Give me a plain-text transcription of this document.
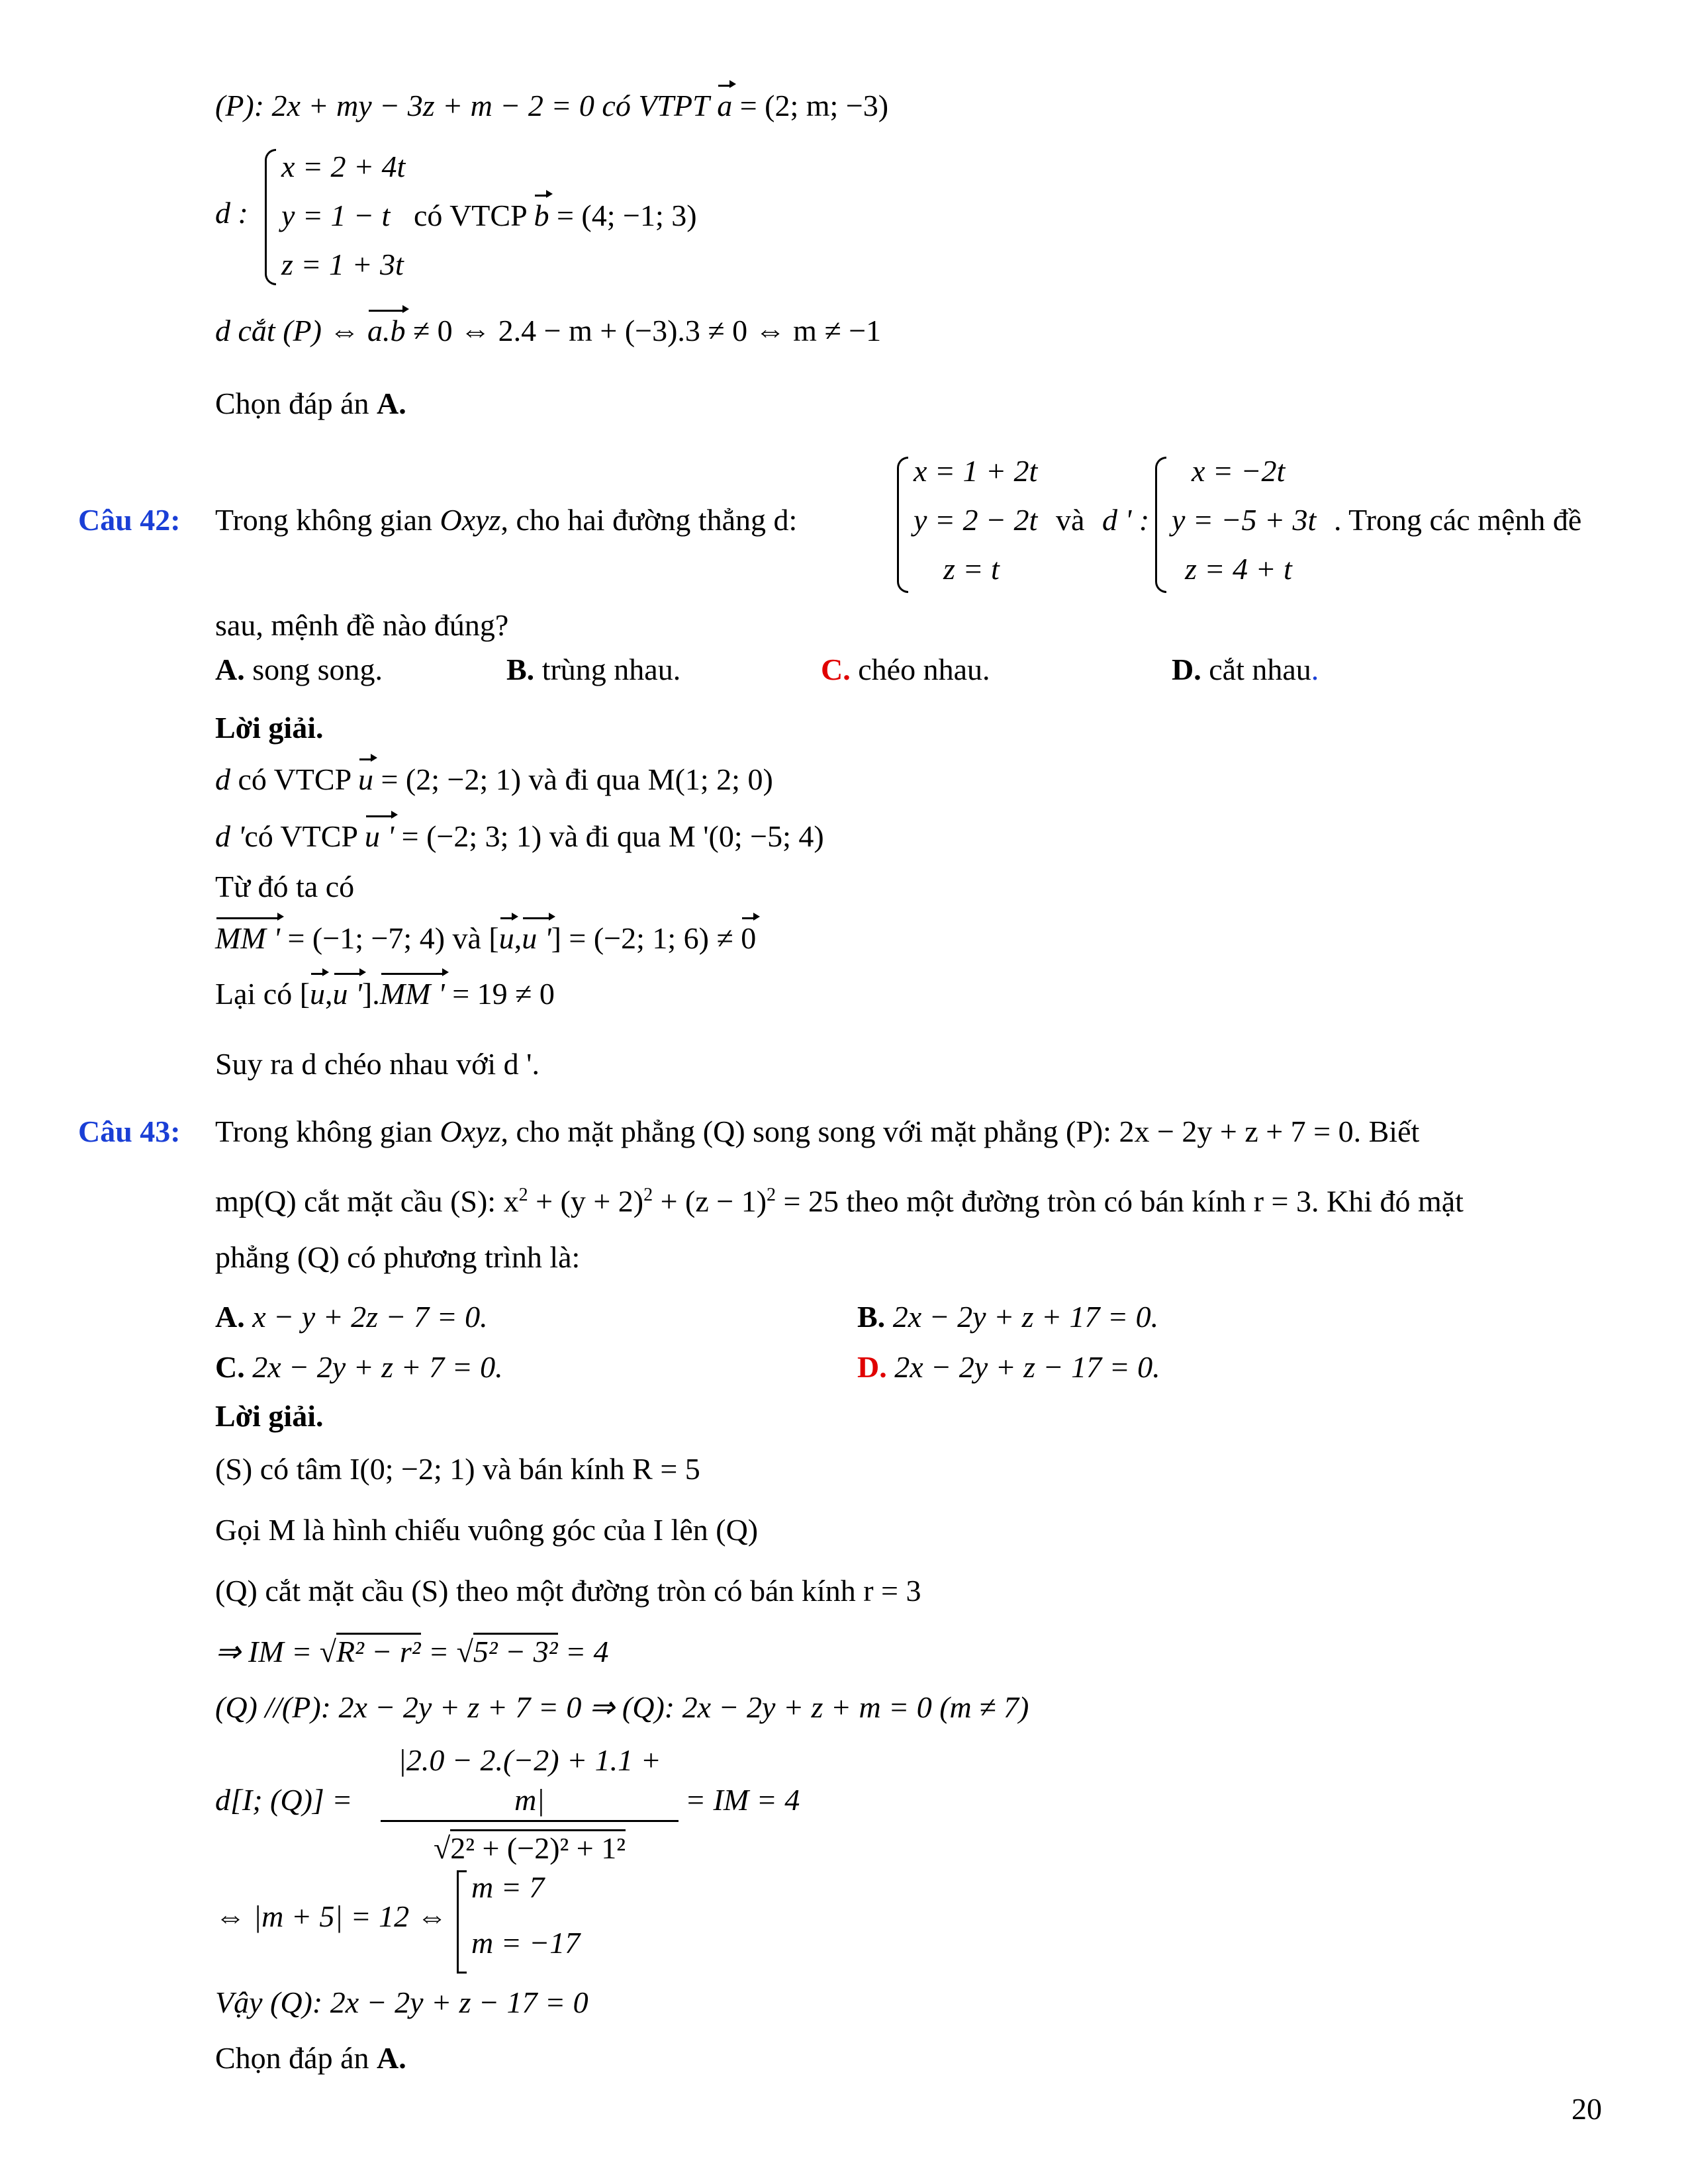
(P): 2x + my − 3z + m − 2 = 0 có VTPT a = (2; m; −3)
d :
x = 2 + 4t
y = 1 − t
z = 1 + 3t
có VTCP b = (4; −1; 3)
d cắt (P) ⇔ a.b ≠ 0 ⇔ 2.4 − m + (−3).3 ≠ 0 ⇔ m ≠ −1
Chọn đáp án A.
Câu 42: Trong không gian Oxyz, cho hai đường thẳng d:
x = 1 + 2t
y = 2 − 2t
z = t
và d ' :
x = −2t
y = −5 + 3t
z = 4 + t
. Trong các mệnh đề
sau, mệnh đề nào đúng?
A. song song.	B. trùng nhau.	C. chéo nhau.	D. cắt nhau.
Lời giải.
d có VTCP u = (2; −2; 1) và đi qua M(1; 2; 0)
d 'có VTCP u ' = (−2; 3; 1) và đi qua M '(0; −5; 4)
Từ đó ta có
MM ' = (−1; −7; 4) và [u,u '] = (−2; 1; 6) ≠ 0
Lại có [u,u '].MM ' = 19 ≠ 0
Suy ra d chéo nhau với d '.
Câu 43: Trong không gian Oxyz, cho mặt phẳng (Q) song song với mặt phẳng (P): 2x − 2y + z + 7 = 0. Biết
mp(Q) cắt mặt cầu (S): $x^2 + (y + 2)^2 + (z - 1)^2 = 25$ theo một đường tròn có bán kính r = 3. Khi đó mặt
phẳng (Q) có phương trình là:
A. x − y + 2z − 7 = 0.	B. 2x − 2y + z + 17 = 0.
C. 2x − 2y + z + 7 = 0.	D. 2x − 2y + z − 17 = 0.
Lời giải.
(S) có tâm I(0; −2; 1) và bán kính R = 5
Gọi M là hình chiếu vuông góc của I lên (Q)
(Q) cắt mặt cầu (S) theo một đường tròn có bán kính r = 3
⇒ IM = √R² − r² = √5² − 3² = 4
(Q) //(P): 2x − 2y + z + 7 = 0 ⇒ (Q): 2x − 2y + z + m = 0 (m ≠ 7)
d[I; $(Q)] = \frac{|2.0 - 2.(-2) + 1.1 + m|}{\text{√2² + (−2)² + 1²}}$ = IM = 4
⇔ |m + 5| = 12 ⇔
m = 7
m = −17
Vậy (Q): 2x − 2y + z − 17 = 0
Chọn đáp án A.
20
